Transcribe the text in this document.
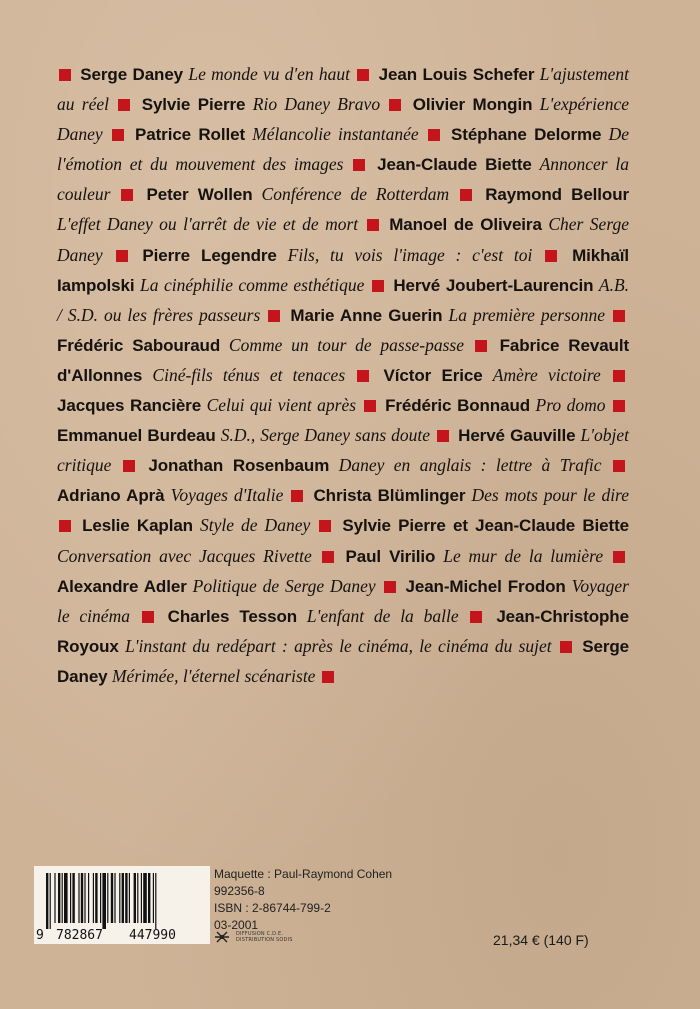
Serge Daney Le monde vu d'en haut Jean Louis Schefer L'ajustement au réel Sylvie Pierre Rio Daney Bravo Olivier Mongin L'expérience Daney Patrice Rollet Mélancolie instantanée Stéphane Delorme De l'émotion et du mouvement des images Jean-Claude Biette Annoncer la couleur Peter Wollen Conférence de Rotterdam Raymond Bellour L'effet Daney ou l'arrêt de vie et de mort Manoel de Oliveira Cher Serge Daney Pierre Legendre Fils, tu vois l'image : c'est toi Mikhaïl Iampolski La cinéphilie comme esthétique Hervé Joubert-Laurencin A.B. / S.D. ou les frères passeurs Marie Anne Guerin La première personne  Frédéric Sabouraud Comme un tour de passe-passe Fabrice Revault d'Allonnes Ciné-fils ténus et tenaces Víctor Erice Amère victoire  Jacques Rancière Celui qui vient après Frédéric Bonnaud Pro domo  Emmanuel Burdeau S.D., Serge Daney sans doute Hervé Gauville L'objet critique Jonathan Rosenbaum Daney en anglais : lettre à Trafic  Adriano Aprà Voyages d'Italie Christa Blümlinger Des mots pour le dire  Leslie Kaplan Style de Daney Sylvie Pierre et Jean-Claude Biette Conversation avec Jacques Rivette Paul Virilio Le mur de la lumière  Alexandre Adler Politique de Serge Daney Jean-Michel Frodon Voyager le cinéma Charles Tesson L'enfant de la balle Jean-Christophe Royoux L'instant du redépart : après le cinéma, le cinéma du sujet Serge Daney Mérimée, l'éternel scénariste
9 782867 447990
Maquette : Paul-Raymond Cohen
992356-8
ISBN : 2-86744-799-2
03-2001
DIFFUSION C.D.E.
DISTRIBUTION SODIS	21,34 € (140 F)
